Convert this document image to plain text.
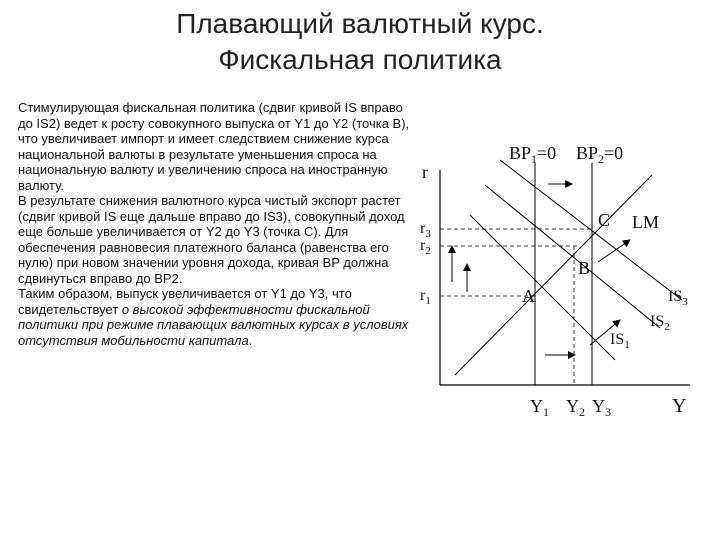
Плавающий валютный курс.
Фискальная политика

Стимулирующая фискальная политика (сдвиг кривой IS вправо до IS2) ведет к росту совокупного выпуска от Y1 до Y2 (точка B), что увеличивает импорт и имеет следствием снижение курса национальной валюты в результате уменьшения спроса на национальную валюту и увеличению спроса на иностранную валюту.

В результате снижения валютного курса чистый экспорт растет (сдвиг кривой IS еще дальше вправо до IS3), совокупный доход еще больше увеличивается от Y2 до Y3 (точка C). Для обеспечения равновесия платежного баланса (равенства его нулю) при новом значении уровня дохода, кривая BP должна сдвинуться вправо до BP2.

Таким образом, выпуск увеличивается от Y1 до Y3, что свидетельствует о высокой эффективности фискальной политики при режиме плавающих валютных курсах в условиях отсутствия мобильности капитала.

$BP_1=0$ $BP_2=0$
r
$r_3$
$r_2$
$r_1$
C
B
A
LM
$IS_3$
$IS_2$
$IS_1$
$Y_1$ $Y_2$ $Y_3$	Y
